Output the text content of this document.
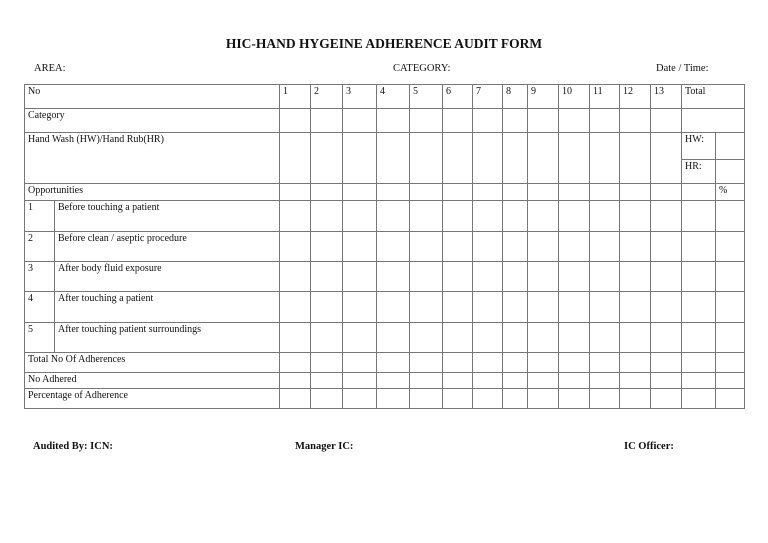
HIC-HAND HYGEINE ADHERENCE AUDIT FORM
AREA:	CATEGORY:	Date / Time:
No		1	2	3	4	5	6	7	8	9	10	11	12	13	Total	
Category																
Hand Wash (HW)/Hand Rub(HR)															HW:	
															HR:	
Opportunities																%
1	Before touching a patient															
2	Before clean / aseptic procedure															
3	After body fluid exposure															
4	After touching a patient															
5	After touching patient surroundings															
Total No Of Adherences																
No Adhered																
Percentage of Adherence																
Audited By: ICN:	Manager IC:	IC Officer:
